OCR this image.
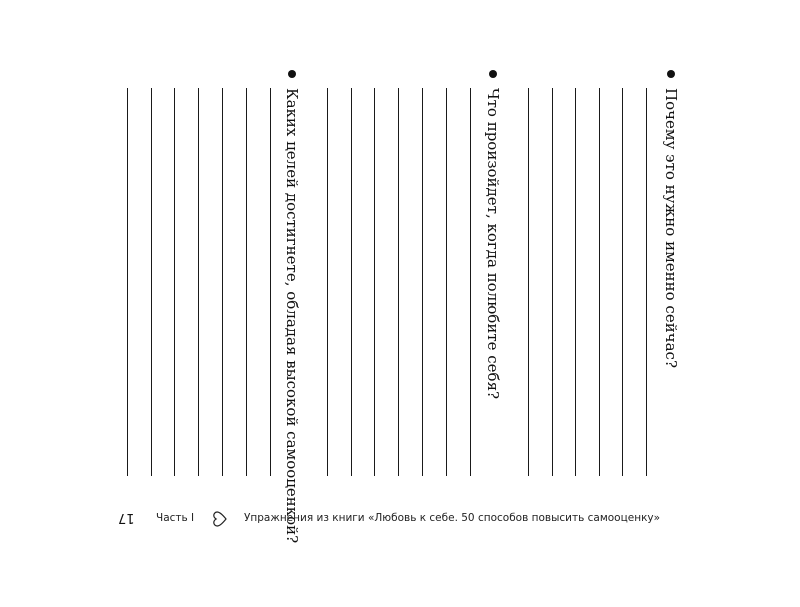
Почему это нужно именно сейчас?
Что произойдет, когда полюбите себя?
Каких целей достигнете, обладая высокой самооценкой?
17 Часть I	Упражнения из книги «Любовь к себе. 50 способов повысить самооценку»
